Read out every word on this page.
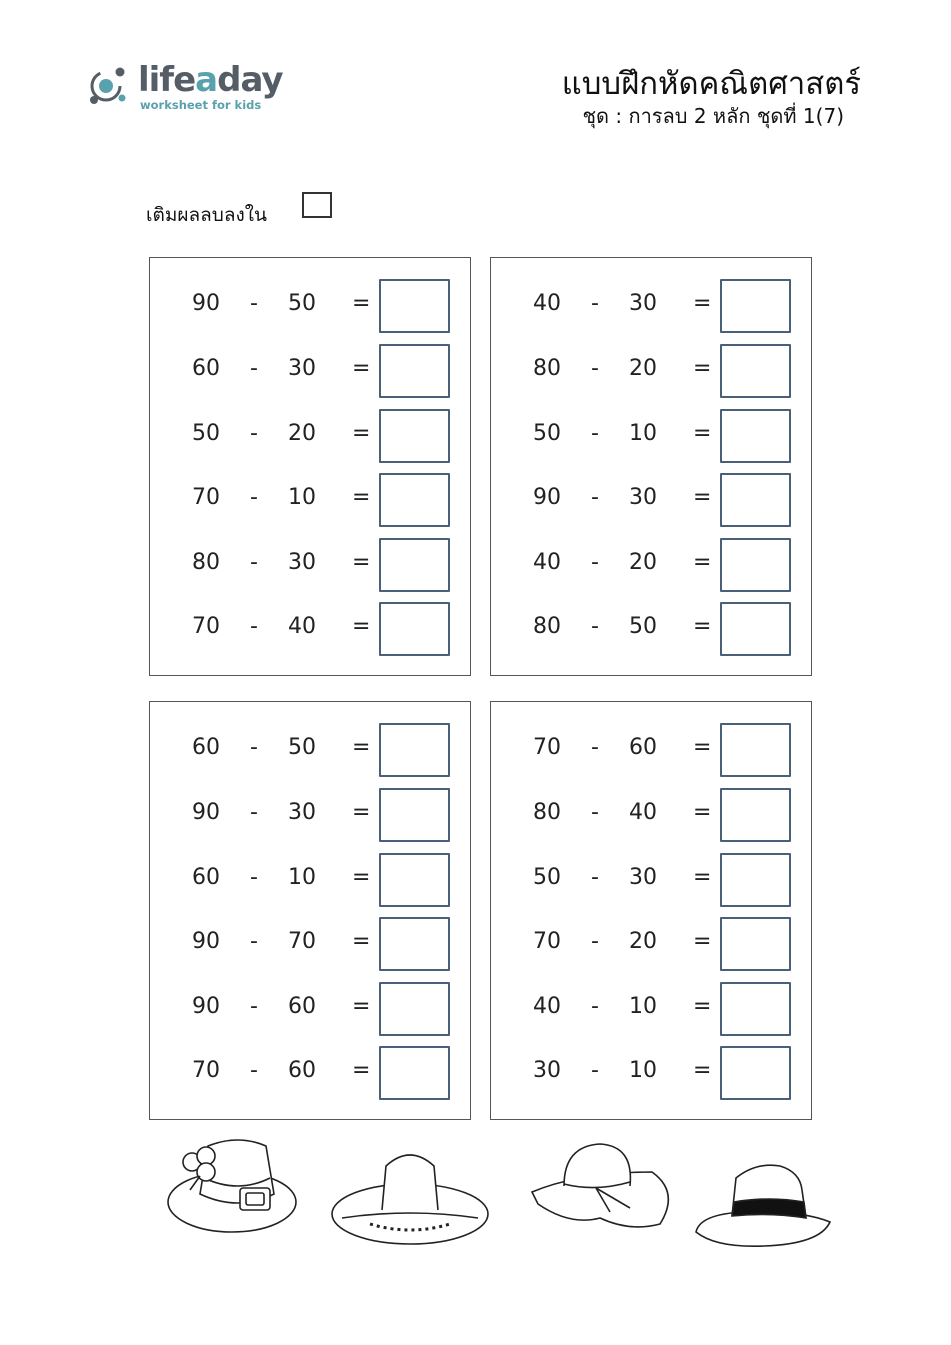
lifeaday
worksheet for kids
แบบฝึกหัดคณิตศาสตร์
ชุด : การลบ 2 หลัก ชุดที่ 1(7)
เติมผลลบลงใน
90 - 50 =
60 - 30 =
50 - 20 =
70 - 10 =
80 - 30 =
70 - 40 =
40 - 30 =
80 - 20 =
50 - 10 =
90 - 30 =
40 - 20 =
80 - 50 =
60 - 50 =
90 - 30 =
60 - 10 =
90 - 70 =
90 - 60 =
70 - 60 =
70 - 60 =
80 - 40 =
50 - 30 =
70 - 20 =
40 - 10 =
30 - 10 =
